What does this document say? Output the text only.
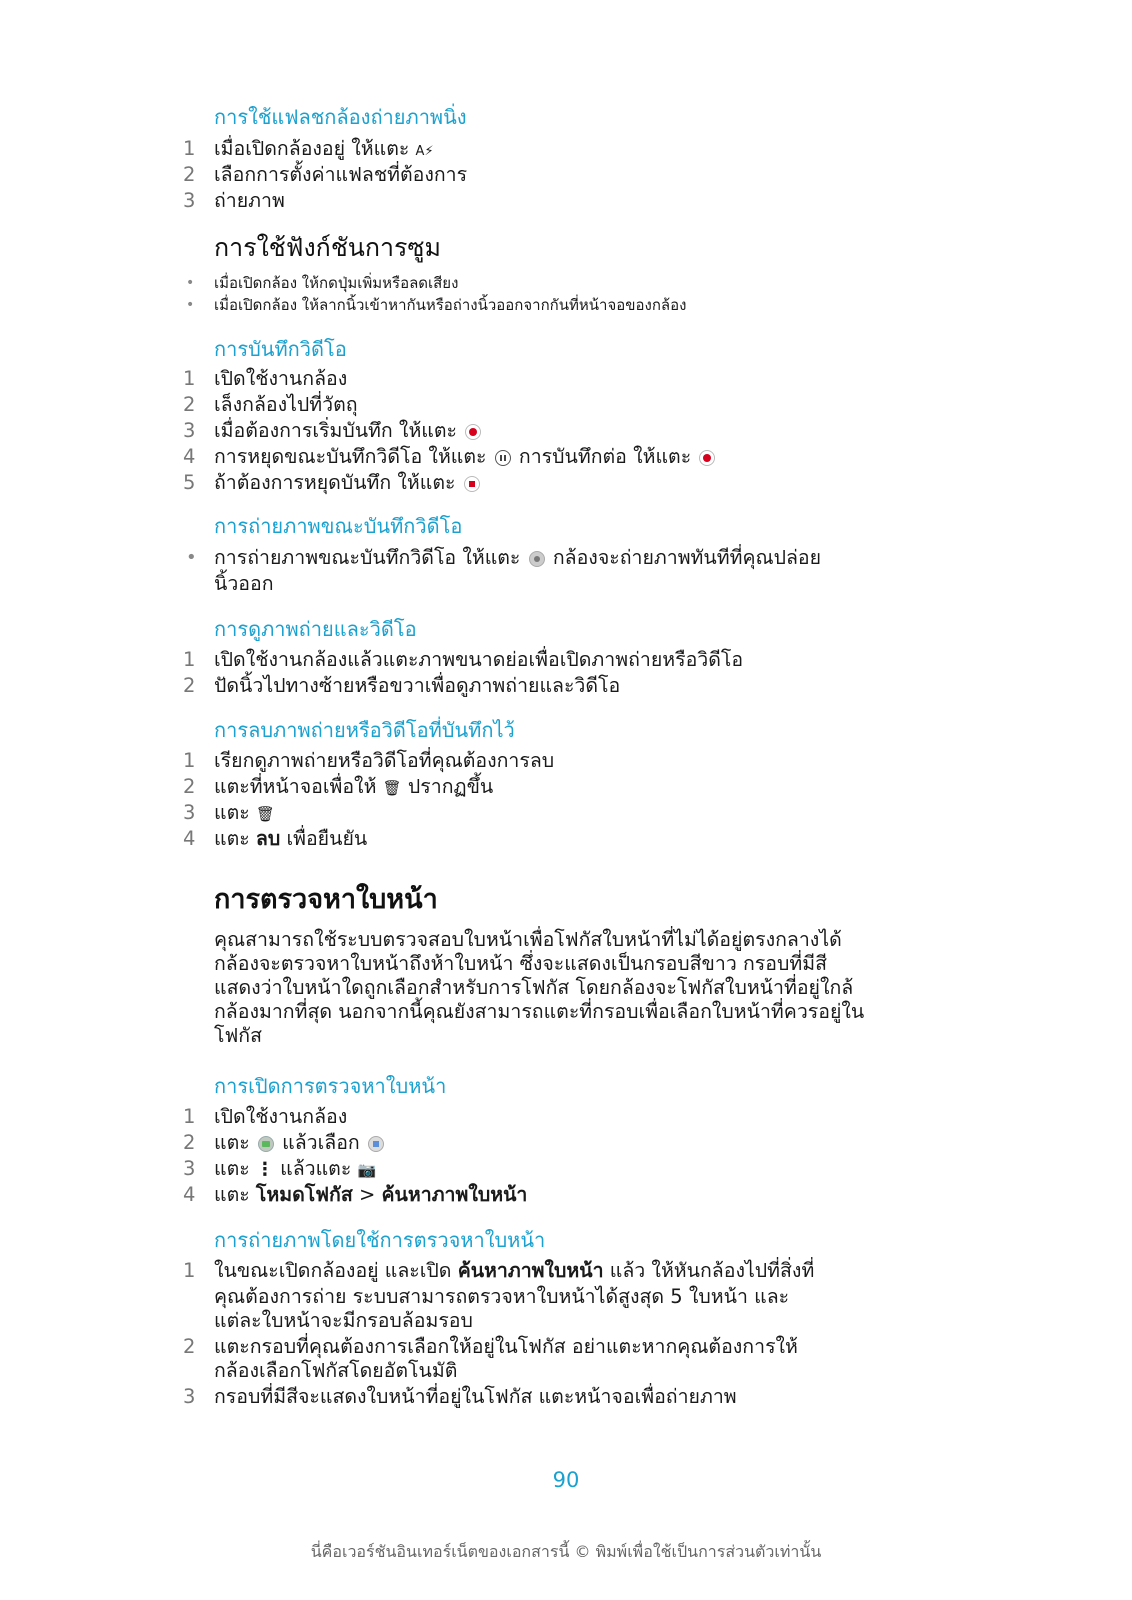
การใช้แฟลชกล้องถ่ายภาพนิ่ง
1 เมื่อเปิดกล้องอยู่ ให้แตะ A⚡
2 เลือกการตั้งค่าแฟลชที่ต้องการ
3 ถ่ายภาพ
การใช้ฟังก์ชันการซูม
• เมื่อเปิดกล้อง ให้กดปุ่มเพิ่มหรือลดเสียง
• เมื่อเปิดกล้อง ให้ลากนิ้วเข้าหากันหรือถ่างนิ้วออกจากกันที่หน้าจอของกล้อง
การบันทึกวิดีโอ
1 เปิดใช้งานกล้อง
2 เล็งกล้องไปที่วัตถุ
3 เมื่อต้องการเริ่มบันทึก ให้แตะ
4 การหยุดขณะบันทึกวิดีโอ ให้แตะ การบันทึกต่อ ให้แตะ
5 ถ้าต้องการหยุดบันทึก ให้แตะ
การถ่ายภาพขณะบันทึกวิดีโอ
• การถ่ายภาพขณะบันทึกวิดีโอ ให้แตะ กล้องจะถ่ายภาพทันทีที่คุณปล่อย
นิ้วออก
การดูภาพถ่ายและวิดีโอ
1 เปิดใช้งานกล้องแล้วแตะภาพขนาดย่อเพื่อเปิดภาพถ่ายหรือวิดีโอ
2 ปัดนิ้วไปทางซ้ายหรือขวาเพื่อดูภาพถ่ายและวิดีโอ
การลบภาพถ่ายหรือวิดีโอที่บันทึกไว้
1 เรียกดูภาพถ่ายหรือวิดีโอที่คุณต้องการลบ
2 แตะที่หน้าจอเพื่อให้ 🗑 ปรากฏขึ้น
3 แตะ 🗑
4 แตะ ลบ เพื่อยืนยัน
การตรวจหาใบหน้า
คุณสามารถใช้ระบบตรวจสอบใบหน้าเพื่อโฟกัสใบหน้าที่ไม่ได้อยู่ตรงกลางได้
กล้องจะตรวจหาใบหน้าถึงห้าใบหน้า ซึ่งจะแสดงเป็นกรอบสีขาว กรอบที่มีสี
แสดงว่าใบหน้าใดถูกเลือกสำหรับการโฟกัส โดยกล้องจะโฟกัสใบหน้าที่อยู่ใกล้
กล้องมากที่สุด นอกจากนี้คุณยังสามารถแตะที่กรอบเพื่อเลือกใบหน้าที่ควรอยู่ใน
โฟกัส
การเปิดการตรวจหาใบหน้า
1 เปิดใช้งานกล้อง
2 แตะ แล้วเลือก
3 แตะ ⋮ แล้วแตะ 📷
4 แตะ โหมดโฟกัส > ค้นหาภาพใบหน้า
การถ่ายภาพโดยใช้การตรวจหาใบหน้า
1 ในขณะเปิดกล้องอยู่ และเปิด ค้นหาภาพใบหน้า แล้ว ให้หันกล้องไปที่สิ่งที่
คุณต้องการถ่าย ระบบสามารถตรวจหาใบหน้าได้สูงสุด 5 ใบหน้า และ
แต่ละใบหน้าจะมีกรอบล้อมรอบ
2 แตะกรอบที่คุณต้องการเลือกให้อยู่ในโฟกัส อย่าแตะหากคุณต้องการให้
กล้องเลือกโฟกัสโดยอัตโนมัติ
3 กรอบที่มีสีจะแสดงใบหน้าที่อยู่ในโฟกัส แตะหน้าจอเพื่อถ่ายภาพ
90
นี่คือเวอร์ชันอินเทอร์เน็ตของเอกสารนี้ © พิมพ์เพื่อใช้เป็นการส่วนตัวเท่านั้น
